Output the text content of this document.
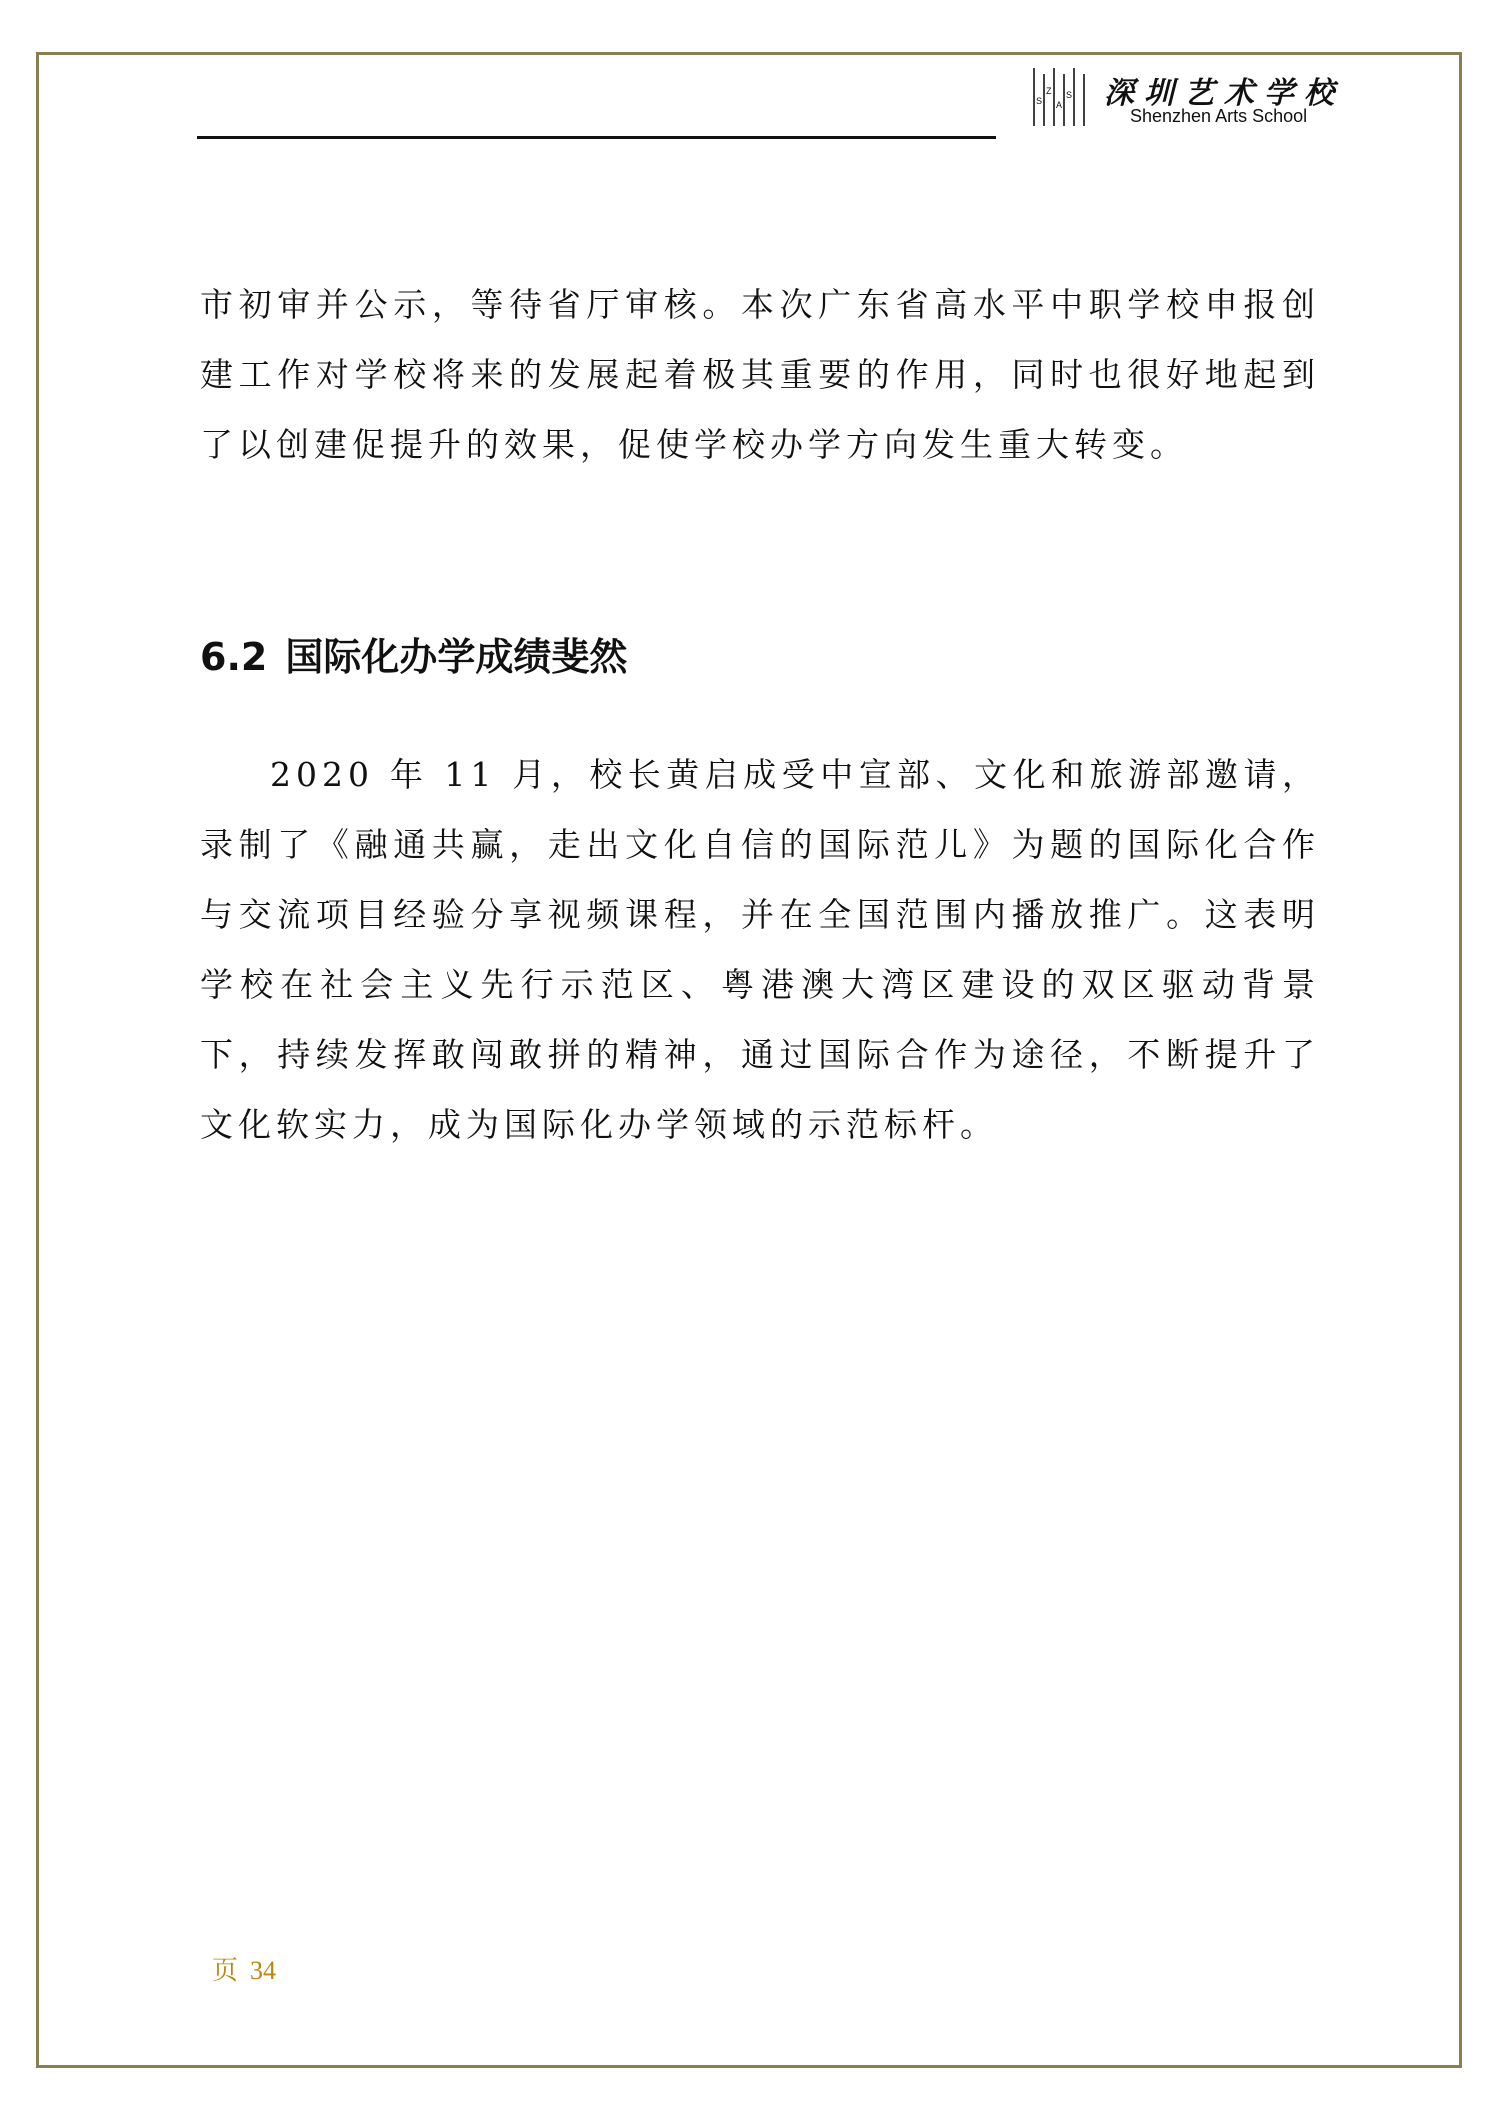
S
Z
A
S 深圳艺术学校
Shenzhen Arts School

市初审并公示，等待省厅审核。本次广东省高水平中职学校申报创建工作对学校将来的发展起着极其重要的作用，同时也很好地起到了以创建促提升的效果，促使学校办学方向发生重大转变。

6.2 国际化办学成绩斐然

2020 年 11 月，校长黄启成受中宣部、文化和旅游部邀请，录制了《融通共赢，走出文化自信的国际范儿》为题的国际化合作与交流项目经验分享视频课程，并在全国范围内播放推广。这表明学校在社会主义先行示范区、粤港澳大湾区建设的双区驱动背景下，持续发挥敢闯敢拼的精神，通过国际合作为途径，不断提升了文化软实力，成为国际化办学领域的示范标杆。

页 34
